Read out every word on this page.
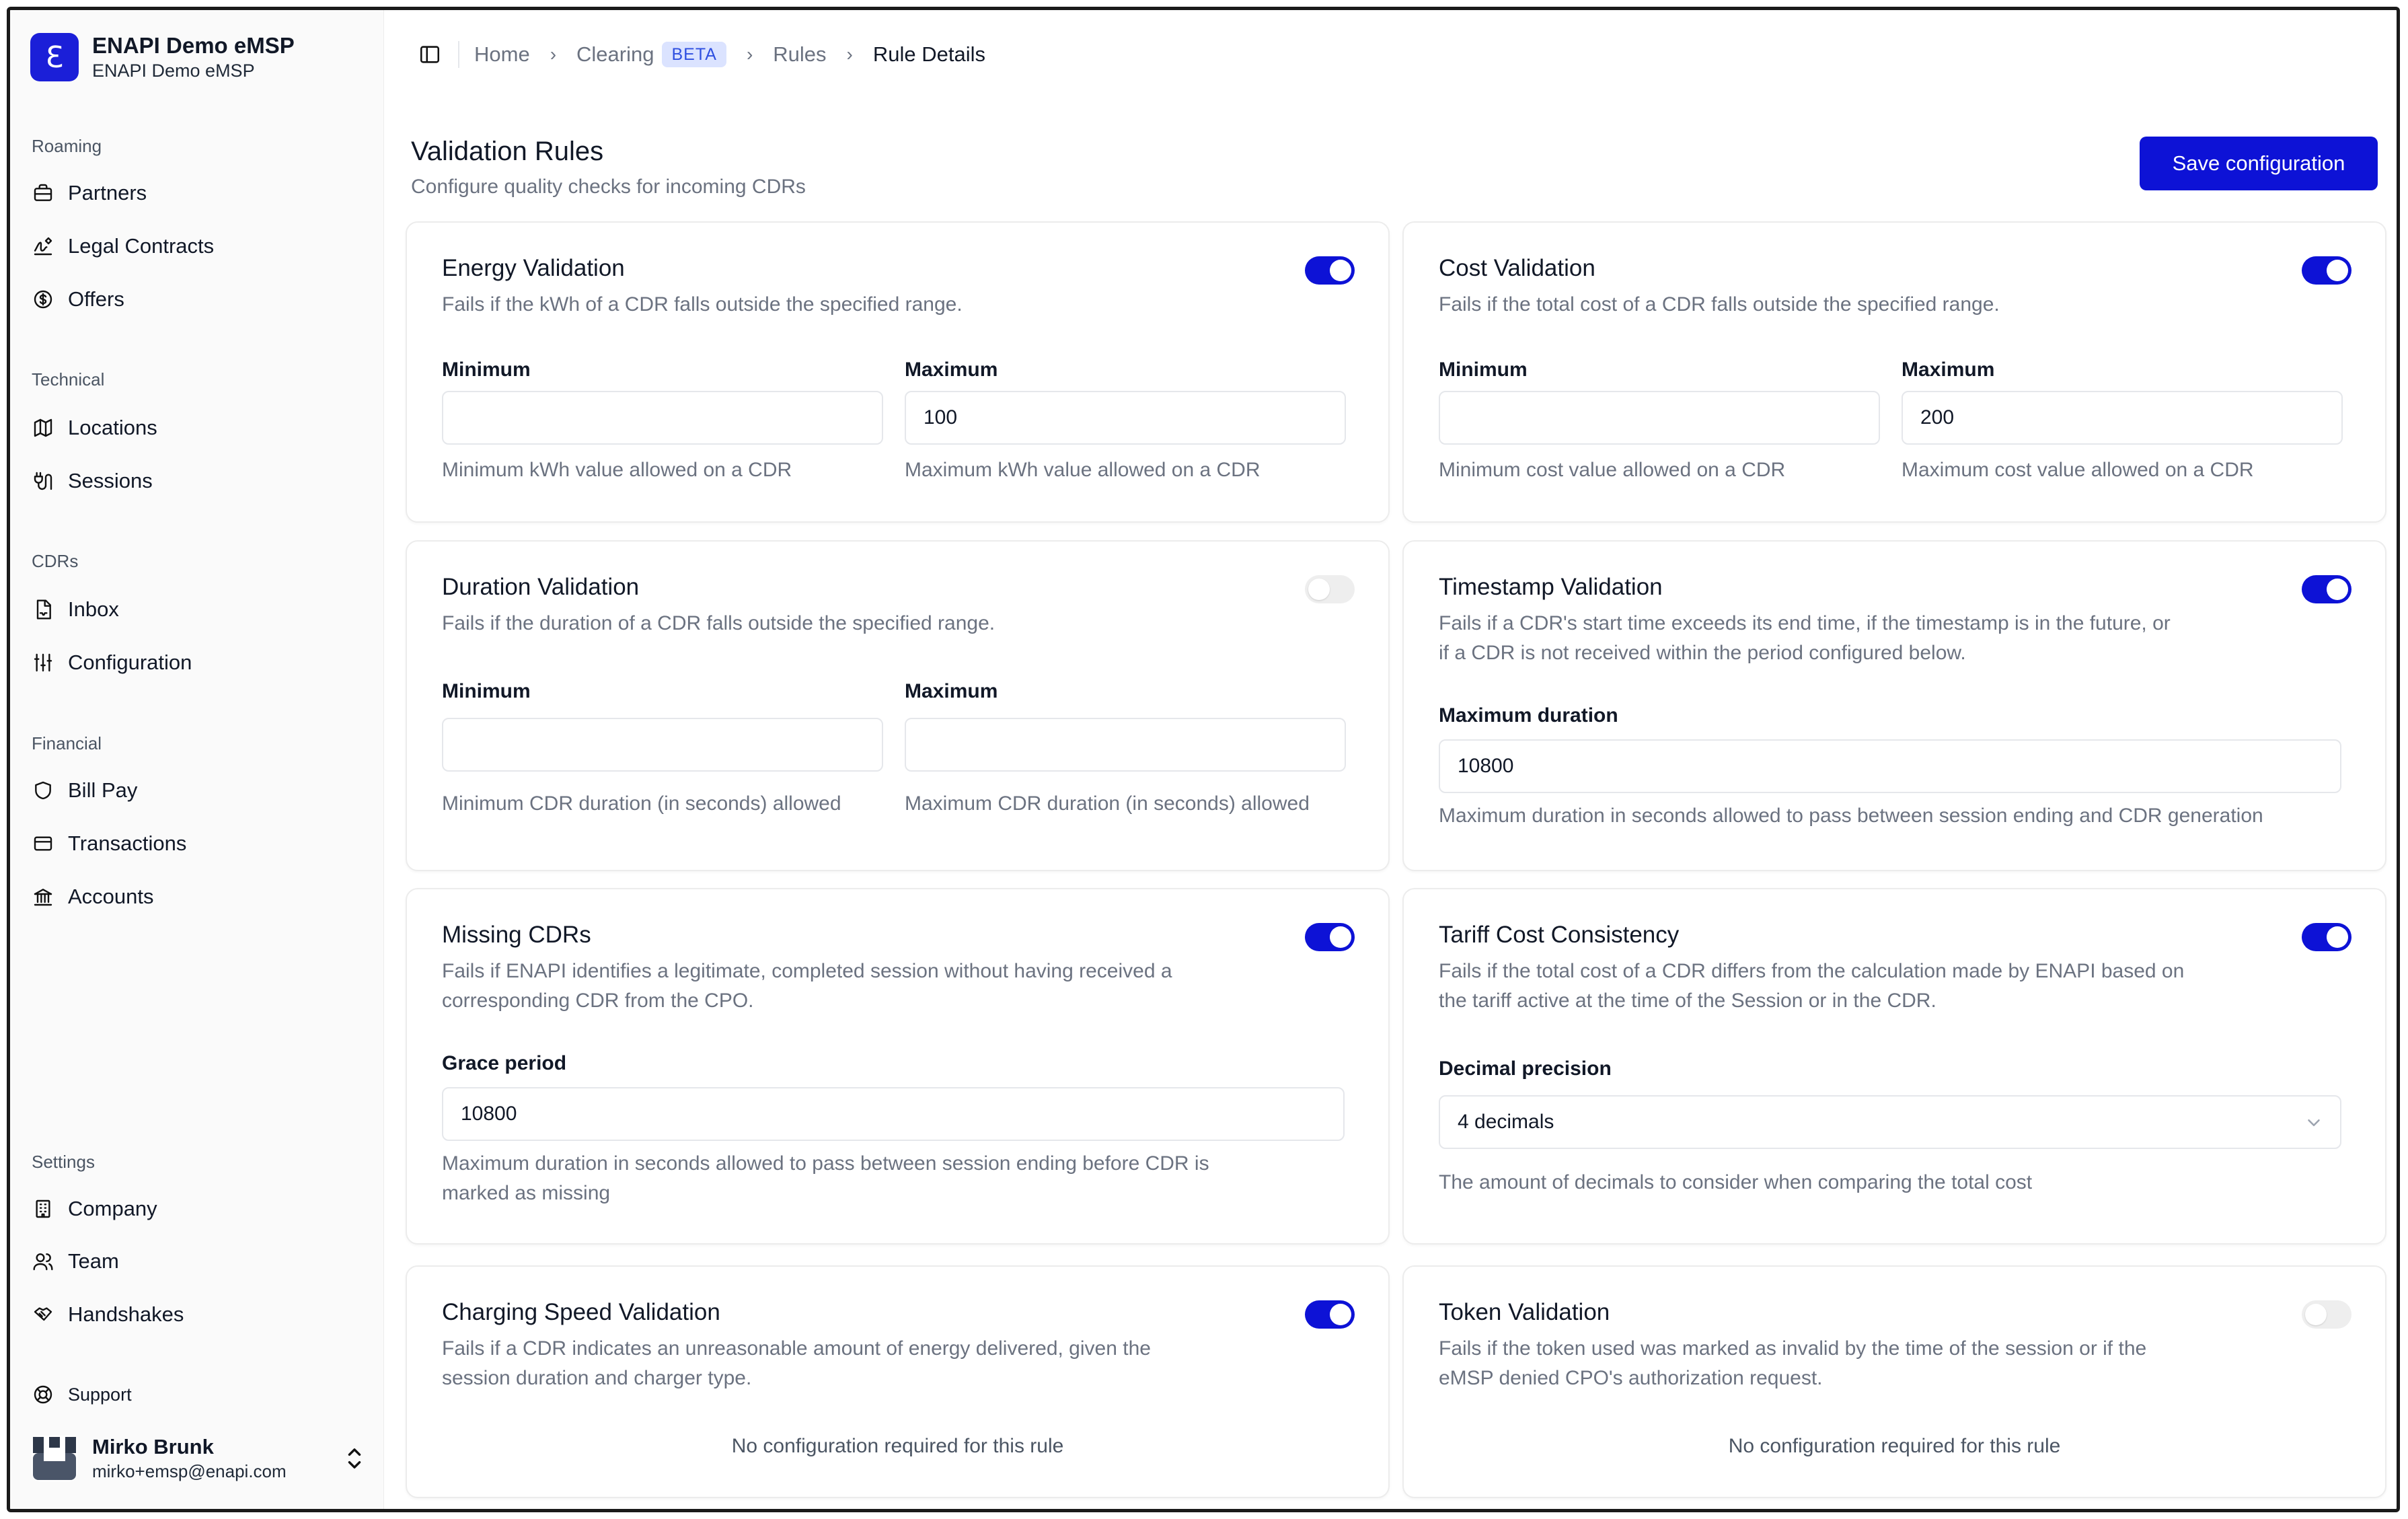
Ɛ	ENAPI Demo eMSP
ENAPI Demo eMSP
Roaming
Partners
Legal Contracts
Offers
Technical
Locations
Sessions
CDRs
Inbox
Configuration
Financial
Bill Pay
Transactions
Accounts
Settings
Company
Team
Handshakes
Support
Mirko Brunk
mirko+emsp@enapi.com
Home › Clearing	BETA	› Rules › Rule Details
Validation Rules
Configure quality checks for incoming CDRs
Save configuration
Energy Validation
Fails if the kWh of a CDR falls outside the specified range.
Minimum
Minimum kWh value allowed on a CDR
Maximum
100
Maximum kWh value allowed on a CDR
Cost Validation
Fails if the total cost of a CDR falls outside the specified range.
Minimum
Minimum cost value allowed on a CDR
Maximum
200
Maximum cost value allowed on a CDR
Duration Validation
Fails if the duration of a CDR falls outside the specified range.
Minimum
Minimum CDR duration (in seconds) allowed
Maximum
Maximum CDR duration (in seconds) allowed
Timestamp Validation
Fails if a CDR's start time exceeds its end time, if the timestamp is in the future, or
if a CDR is not received within the period configured below.
Maximum duration
10800
Maximum duration in seconds allowed to pass between session ending and CDR generation
Missing CDRs
Fails if ENAPI identifies a legitimate, completed session without having received a
corresponding CDR from the CPO.
Grace period
10800
Maximum duration in seconds allowed to pass between session ending before CDR is
marked as missing
Tariff Cost Consistency
Fails if the total cost of a CDR differs from the calculation made by ENAPI based on
the tariff active at the time of the Session or in the CDR.
Decimal precision
4 decimals
The amount of decimals to consider when comparing the total cost
Charging Speed Validation
Fails if a CDR indicates an unreasonable amount of energy delivered, given the
session duration and charger type.
No configuration required for this rule
Token Validation
Fails if the token used was marked as invalid by the time of the session or if the
eMSP denied CPO's authorization request.
No configuration required for this rule
